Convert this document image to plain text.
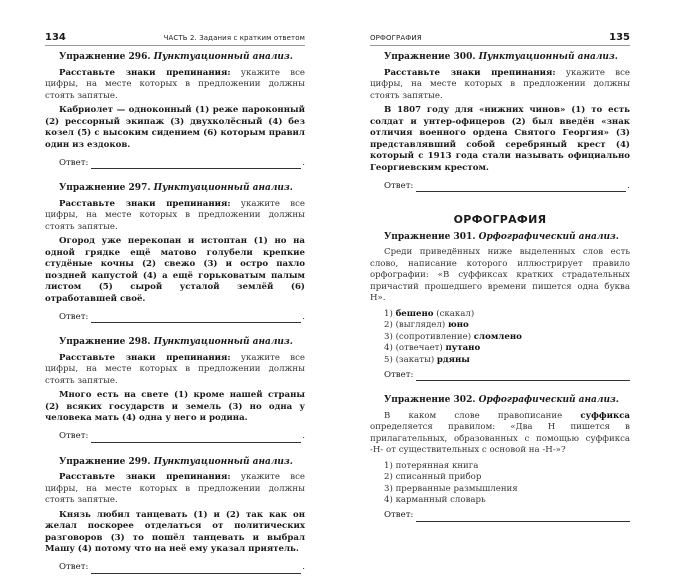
134	ЧАСТЬ 2. Задания с кратким ответом

Упражнение 296. Пунктуационный анализ.

Расставьте знаки препинания: укажите все цифры, на месте которых в предложении должны стоять запятые.

Кабриолет — одноконный (1) реже пароконный (2) рессорный экипаж (3) двухколёсный (4) без козел (5) с высоким сидением (6) которым правил один из ездоков.

Ответ:	.

Упражнение 297. Пунктуационный анализ.

Расставьте знаки препинания: укажите все цифры, на месте которых в предложении должны стоять запятые.

Огород уже перекопан и истоптан (1) но на одной грядке ещё матово голубели крепкие студёные кочны (2) свежо (3) и остро пахло поздней капустой (4) а ещё горьковатым палым листом (5) сырой усталой землёй (6) отработавшей своё.

Ответ:	.

Упражнение 298. Пунктуационный анализ.

Расставьте знаки препинания: укажите все цифры, на месте которых в предложении должны стоять запятые.

Много есть на свете (1) кроме нашей страны (2) всяких государств и земель (3) но одна у человека мать (4) одна у него и родина.

Ответ:	.

Упражнение 299. Пунктуационный анализ.

Расставьте знаки препинания: укажите все цифры, на месте которых в предложении должны стоять запятые.

Князь любил танцевать (1) и (2) так как он желал поскорее отделаться от политических разговоров (3) то пошёл танцевать и выбрал Машу (4) потому что на неё ему указал приятель.

Ответ:	.
ОРФОГРАФИЯ	135

Упражнение 300. Пунктуационный анализ.

Расставьте знаки препинания: укажите все цифры, на месте которых в предложении должны стоять запятые.

В 1807 году для «нижних чинов» (1) то есть солдат и унтер-офицеров (2) был введён «знак отличия военного ордена Святого Георгия» (3) представлявший собой серебряный крест (4) который с 1913 года стали называть официально Георгиевским крестом.

Ответ:	.
ОРФОГРАФИЯ

Упражнение 301. Орфографический анализ.

Среди приведённых ниже выделенных слов есть слово, написание которого иллюстрирует правило орфографии: «В суффиксах кратких страдательных причастий прошедшего времени пишется одна буква Н».

1) бешено (скакал)
2) (выглядел) юно
3) (сопротивление) сломлено
4) (отвечает) путано
5) (закаты) рдяны
Ответ:

Упражнение 302. Орфографический анализ.

В каком слове правописание суффикса определяется правилом: «Два Н пишется в прилагательных, образованных с помощью суффикса -Н- от существительных с основой на -Н-»?

1) потерянная книга
2) списанный прибор
3) прерванные размышления
4) карманный словарь
Ответ:
